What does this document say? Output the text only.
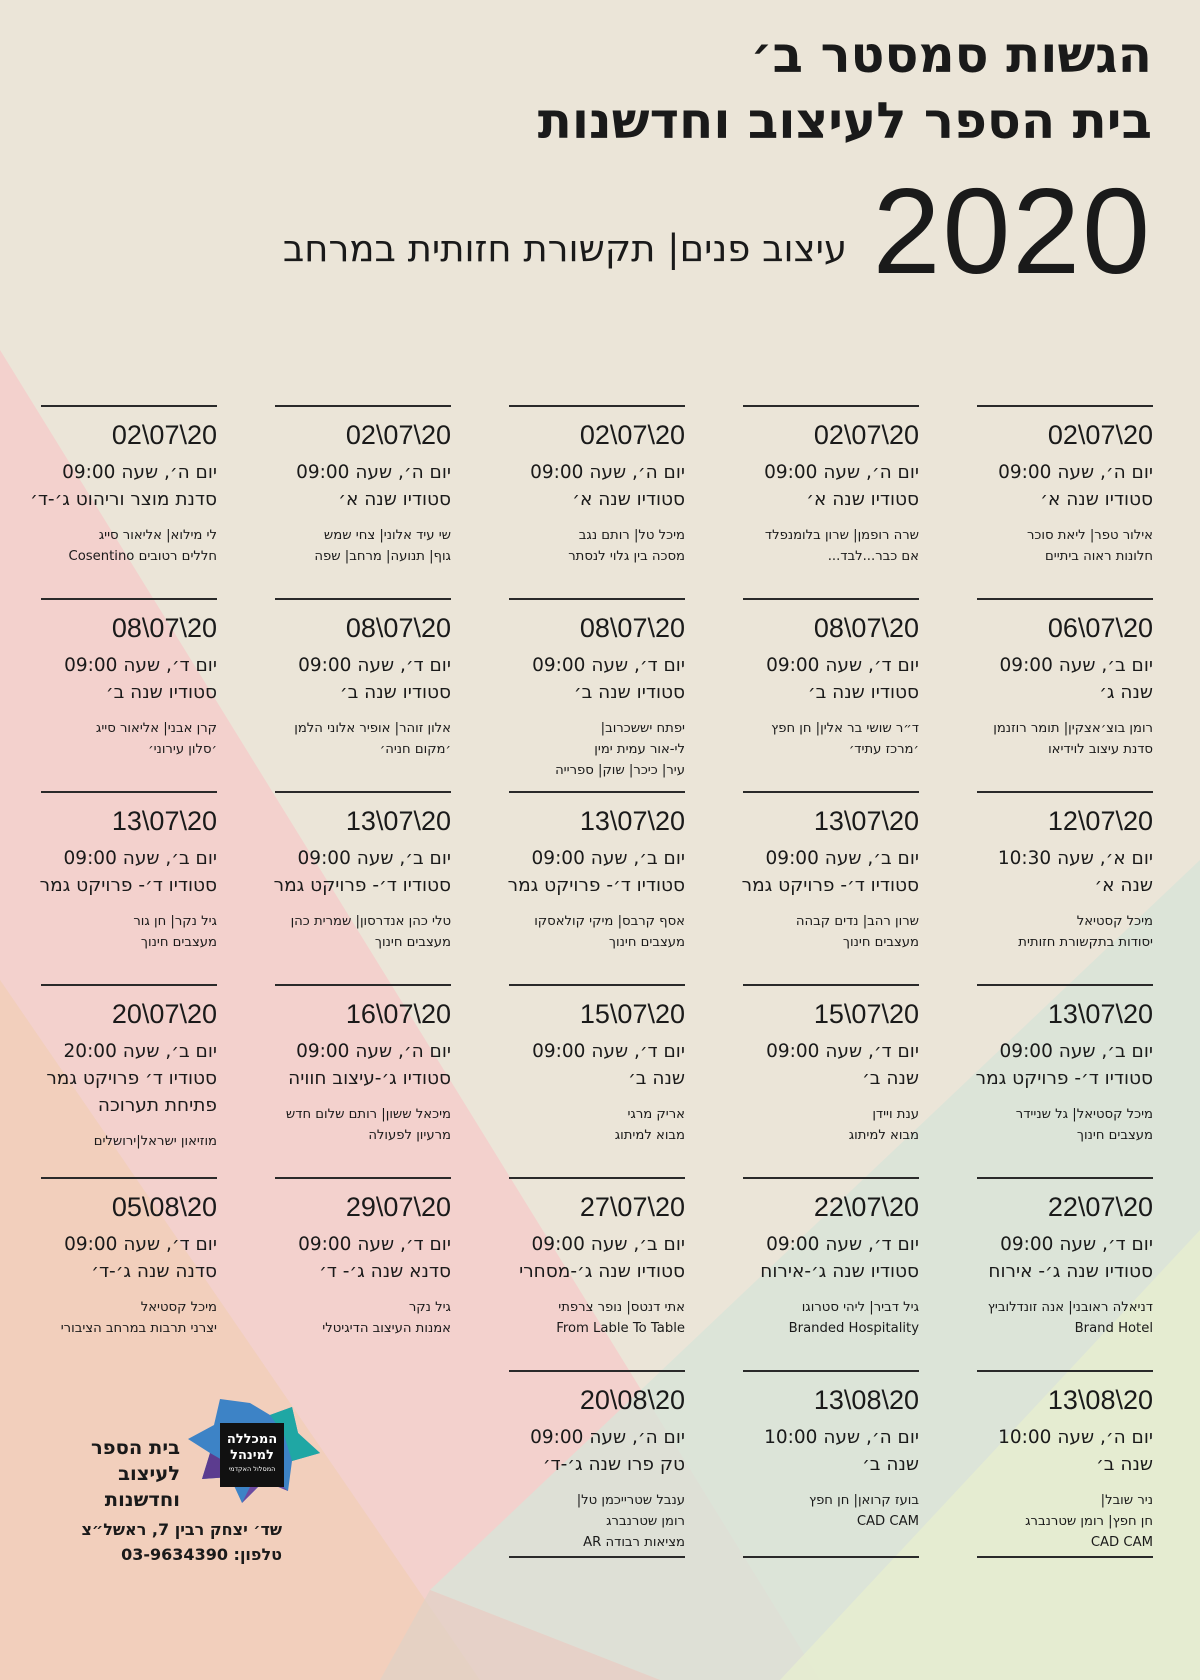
הגשות סמסטר ב׳
בית הספר לעיצוב וחדשנות
2020
עיצוב פנים| תקשורת חזותית במרחב
02\07\20
יום ה׳, שעה 09:00
סטודיו שנה א׳
אילור טפר| ליאת סוכר
חלונות ראוה ביתיים
02\07\20
יום ה׳, שעה 09:00
סטודיו שנה א׳
שרה רופמן| שרון בלומנפלד
אם כבר...לבד...
02\07\20
יום ה׳, שעה 09:00
סטודיו שנה א׳
מיכל טל| רותם נגב
מסכה בין גלוי לנסתר
02\07\20
יום ה׳, שעה 09:00
סטודיו שנה א׳
שי עיד אלוני| צחי שמש
גוף| תנועה| מרחב| שפה
02\07\20
יום ה׳, שעה 09:00
סדנת מוצר וריהוט ג׳-ד׳
לי מילוא| אליאור סייג
חללים רטובים Cosentino
06\07\20
יום ב׳, שעה 09:00
שנה ג׳
רומן בוצ׳אצקין| תומר רוזנמן
סדנת עיצוב לוידיאו
08\07\20
יום ד׳, שעה 09:00
סטודיו שנה ב׳
ד״ר שושי בר אלין| חן חפץ
׳מרכז עתיד׳
08\07\20
יום ד׳, שעה 09:00
סטודיו שנה ב׳
יפתח יששכרוב|
לי-אור עמית ימין
עיר| כיכר| שוק| ספרייה
08\07\20
יום ד׳, שעה 09:00
סטודיו שנה ב׳
אלון זוהר| אופיר אלוני הלמן
׳מקום חניה׳
08\07\20
יום ד׳, שעה 09:00
סטודיו שנה ב׳
קרן אבני| אליאור סייג
׳סלון עירוני׳
12\07\20
יום א׳, שעה 10:30
שנה א׳
מיכל קסטיאל
יסודות בתקשורת חזותית
13\07\20
יום ב׳, שעה 09:00
סטודיו ד׳- פרויקט גמר
שרון רהב| נדים קבהה
מעצבים חינוך
13\07\20
יום ב׳, שעה 09:00
סטודיו ד׳- פרויקט גמר
אסף קרבס| מיקי קולאסקו
מעצבים חינוך
13\07\20
יום ב׳, שעה 09:00
סטודיו ד׳- פרויקט גמר
טלי כהן אנדרסון| שמרית כהן
מעצבים חינוך
13\07\20
יום ב׳, שעה 09:00
סטודיו ד׳- פרויקט גמר
גיל נקר| חן גור
מעצבים חינוך
13\07\20
יום ב׳, שעה 09:00
סטודיו ד׳- פרויקט גמר
מיכל קסטיאל| גל שניידר
מעצבים חינוך
15\07\20
יום ד׳, שעה 09:00
שנה ב׳
ענת ויידן
מבוא למיתוג
15\07\20
יום ד׳, שעה 09:00
שנה ב׳
אריק מרגי
מבוא למיתוג
16\07\20
יום ה׳, שעה 09:00
סטודיו ג׳-עיצוב חוויה
מיכאל ששון| רותם שלום חדש
מרעיון לפעולה
20\07\20
יום ב׳, שעה 20:00
סטודיו ד׳ פרויקט גמר פתיחת תערוכה
מוזיאון ישראל|ירושלים
22\07\20
יום ד׳, שעה 09:00
סטודיו שנה ג׳- אירוח
דניאלה ראובני| אנה זונדלוביץ
Brand Hotel
22\07\20
יום ד׳, שעה 09:00
סטודיו שנה ג׳-אירוח
גיל דביר| ליהי סטרוגו
Branded Hospitality
27\07\20
יום ב׳, שעה 09:00
סטודיו שנה ג׳-מסחרי
אתי דנטס| נופר צרפתי
From Lable To Table
29\07\20
יום ד׳, שעה 09:00
סדנא שנה ג׳- ד׳
גיל נקר
אמנות העיצוב הדיגיטלי
05\08\20
יום ד׳, שעה 09:00
סדנה שנה ג׳-ד׳
מיכל קסטיאל
יצרני תרבות במרחב הציבורי
13\08\20
יום ה׳, שעה 10:00
שנה ב׳
ניר שובל|
חן חפץ| רומן שטרנברג
CAD CAM
13\08\20
יום ה׳, שעה 10:00
שנה ב׳
בועז קרואן| חן חפץ
CAD CAM
20\08\20
יום ה׳, שעה 09:00
טק פרו שנה ג׳-ד׳
ענבל שטרייכמן טל|
רומן שטרנברג
מציאות רבודה AR
בית הספר
לעיצוב וחדשנות
המכללה
למינהל
המסלול האקדמי
שד׳ יצחק רבין 7, ראשל״צ
טלפון: 03-9634390
